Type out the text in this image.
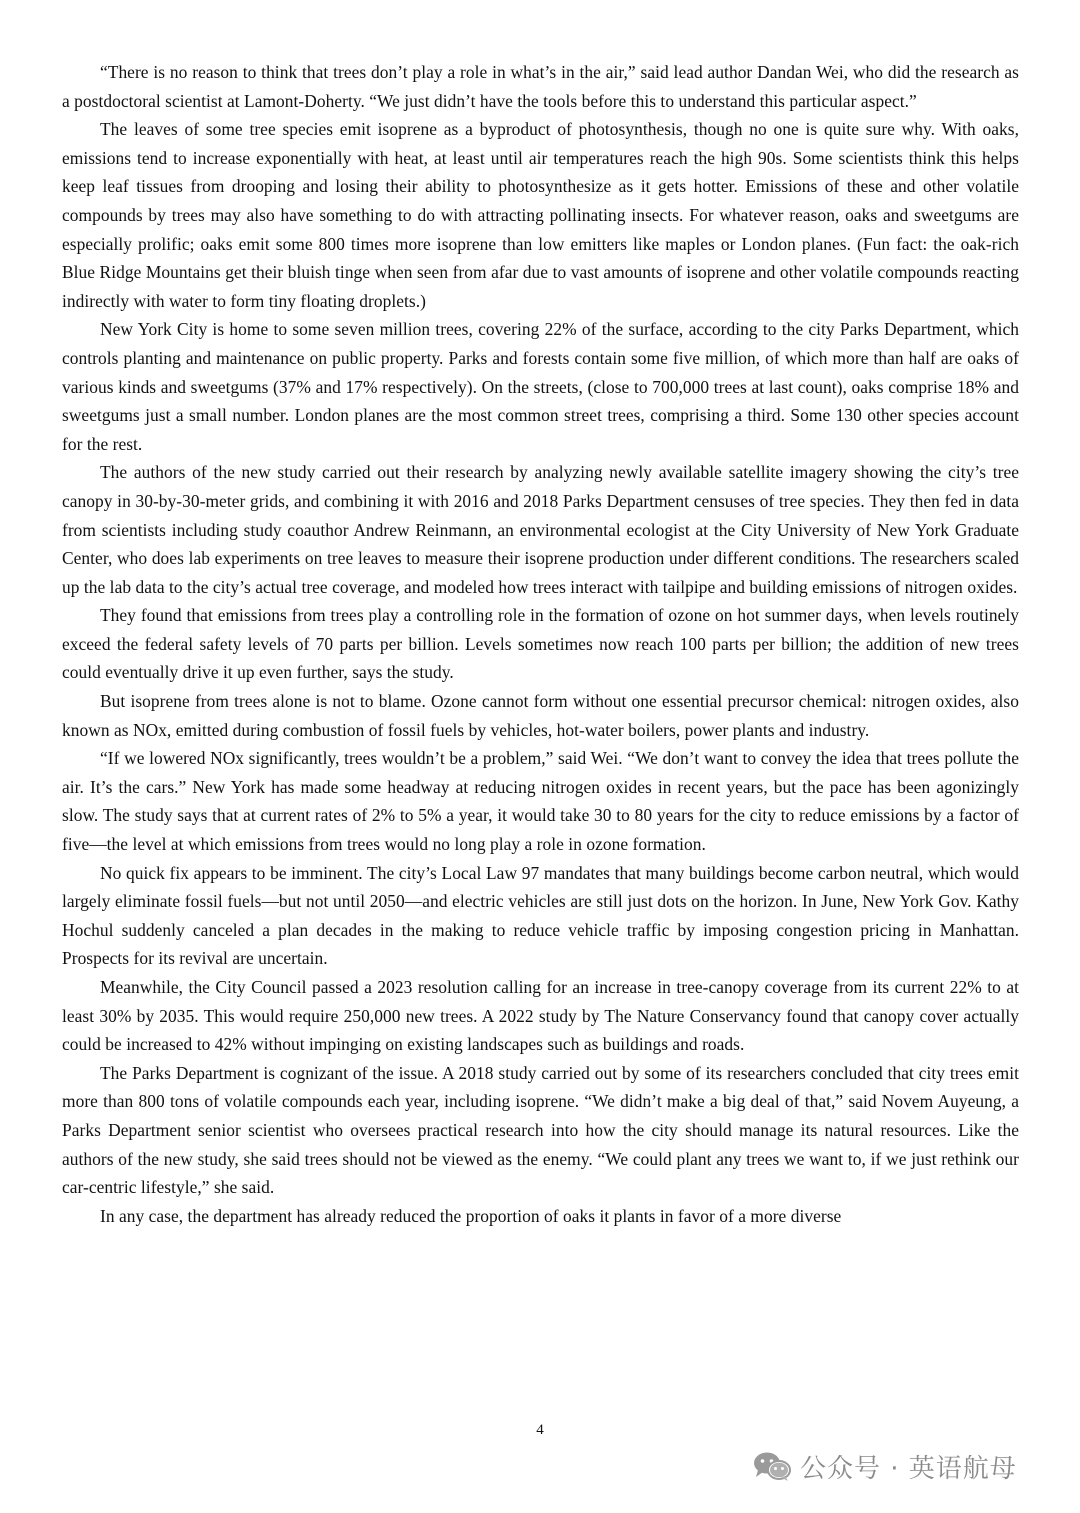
“There is no reason to think that trees don’t play a role in what’s in the air,” said lead author Dandan Wei, who did the research as a postdoctoral scientist at Lamont-Doherty. “We just didn’t have the tools before this to understand this particular aspect.”

The leaves of some tree species emit isoprene as a byproduct of photosynthesis, though no one is quite sure why. With oaks, emissions tend to increase exponentially with heat, at least until air temperatures reach the high 90s. Some scientists think this helps keep leaf tissues from drooping and losing their ability to photosynthesize as it gets hotter. Emissions of these and other volatile compounds by trees may also have something to do with attracting pollinating insects. For whatever reason, oaks and sweetgums are especially prolific; oaks emit some 800 times more isoprene than low emitters like maples or London planes. (Fun fact: the oak-rich Blue Ridge Mountains get their bluish tinge when seen from afar due to vast amounts of isoprene and other volatile compounds reacting indirectly with water to form tiny floating droplets.)

New York City is home to some seven million trees, covering 22% of the surface, according to the city Parks Department, which controls planting and maintenance on public property. Parks and forests contain some five million, of which more than half are oaks of various kinds and sweetgums (37% and 17% respectively). On the streets, (close to 700,000 trees at last count), oaks comprise 18% and sweetgums just a small number. London planes are the most common street trees, comprising a third. Some 130 other species account for the rest.

The authors of the new study carried out their research by analyzing newly available satellite imagery showing the city’s tree canopy in 30-by-30-meter grids, and combining it with 2016 and 2018 Parks Department censuses of tree species. They then fed in data from scientists including study coauthor Andrew Reinmann, an environmental ecologist at the City University of New York Graduate Center, who does lab experiments on tree leaves to measure their isoprene production under different conditions. The researchers scaled up the lab data to the city’s actual tree coverage, and modeled how trees interact with tailpipe and building emissions of nitrogen oxides.

They found that emissions from trees play a controlling role in the formation of ozone on hot summer days, when levels routinely exceed the federal safety levels of 70 parts per billion. Levels sometimes now reach 100 parts per billion; the addition of new trees could eventually drive it up even further, says the study.

But isoprene from trees alone is not to blame. Ozone cannot form without one essential precursor chemical: nitrogen oxides, also known as NOx, emitted during combustion of fossil fuels by vehicles, hot-water boilers, power plants and industry.

“If we lowered NOx significantly, trees wouldn’t be a problem,” said Wei. “We don’t want to convey the idea that trees pollute the air. It’s the cars.” New York has made some headway at reducing nitrogen oxides in recent years, but the pace has been agonizingly slow. The study says that at current rates of 2% to 5% a year, it would take 30 to 80 years for the city to reduce emissions by a factor of five—the level at which emissions from trees would no long play a role in ozone formation.

No quick fix appears to be imminent. The city’s Local Law 97 mandates that many buildings become carbon neutral, which would largely eliminate fossil fuels—but not until 2050—and electric vehicles are still just dots on the horizon. In June, New York Gov. Kathy Hochul suddenly canceled a plan decades in the making to reduce vehicle traffic by imposing congestion pricing in Manhattan. Prospects for its revival are uncertain.

Meanwhile, the City Council passed a 2023 resolution calling for an increase in tree-canopy coverage from its current 22% to at least 30% by 2035. This would require 250,000 new trees. A 2022 study by The Nature Conservancy found that canopy cover actually could be increased to 42% without impinging on existing landscapes such as buildings and roads.

The Parks Department is cognizant of the issue. A 2018 study carried out by some of its researchers concluded that city trees emit more than 800 tons of volatile compounds each year, including isoprene. “We didn’t make a big deal of that,” said Novem Auyeung, a Parks Department senior scientist who oversees practical research into how the city should manage its natural resources. Like the authors of the new study, she said trees should not be viewed as the enemy. “We could plant any trees we want to, if we just rethink our car-centric lifestyle,” she said.

In any case, the department has already reduced the proportion of oaks it plants in favor of a more diverse

4
公众号 · 英语航母
